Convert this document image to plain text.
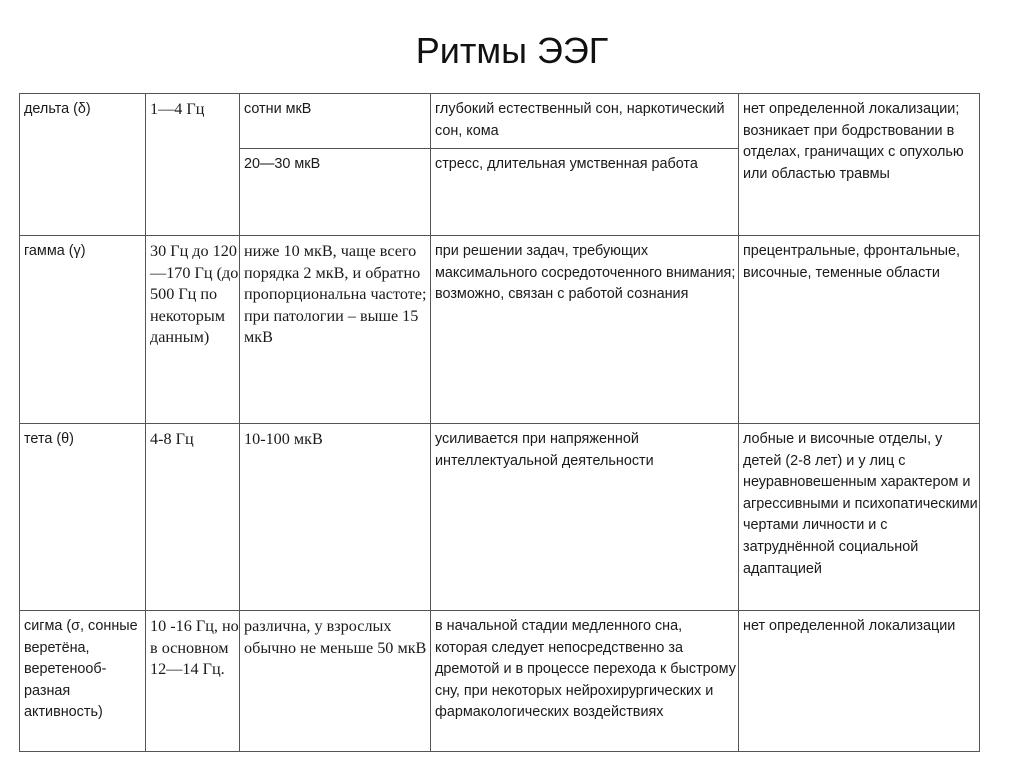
Ритмы ЭЭГ
дельта (δ)	1—4 Гц	сотни мкВ	глубокий естественный сон, наркотический сон, кома	нет определенной локализации; возникает при бодрствовании в отделах, граничащих с опухолью или областью травмы
		20—30 мкВ	стресс, длительная умственная работа	
гамма (γ)	30 Гц до 120—170 Гц (до 500 Гц по некоторым данным)	ниже 10 мкВ, чаще всего порядка 2 мкВ, и обратно пропорциональна частоте; при патологии – выше 15 мкВ	при решении задач, требующих максимального сосредоточенного внимания; возможно, связан с работой сознания	прецентральные, фронтальные, височные, теменные области
тета (θ)	4-8 Гц	10-100 мкВ	усиливается при напряженной интеллектуальной деятельности	лобные и височные отделы, у детей (2-8 лет) и у лиц с неуравновешенным характером и агрессивными и психопатическими чертами личности и с затруднённой социальной адаптацией
сигма (σ, сонные веретёна, веретенооб-разная активность)	10 -16 Гц, но в основном 12—14 Гц.	различна, у взрослых обычно не меньше 50 мкВ	в начальной стадии медленного сна, которая следует непосредственно за дремотой и в процессе перехода к быстрому сну, при некоторых нейрохирургических и фармакологических воздействиях	нет определенной локализации
